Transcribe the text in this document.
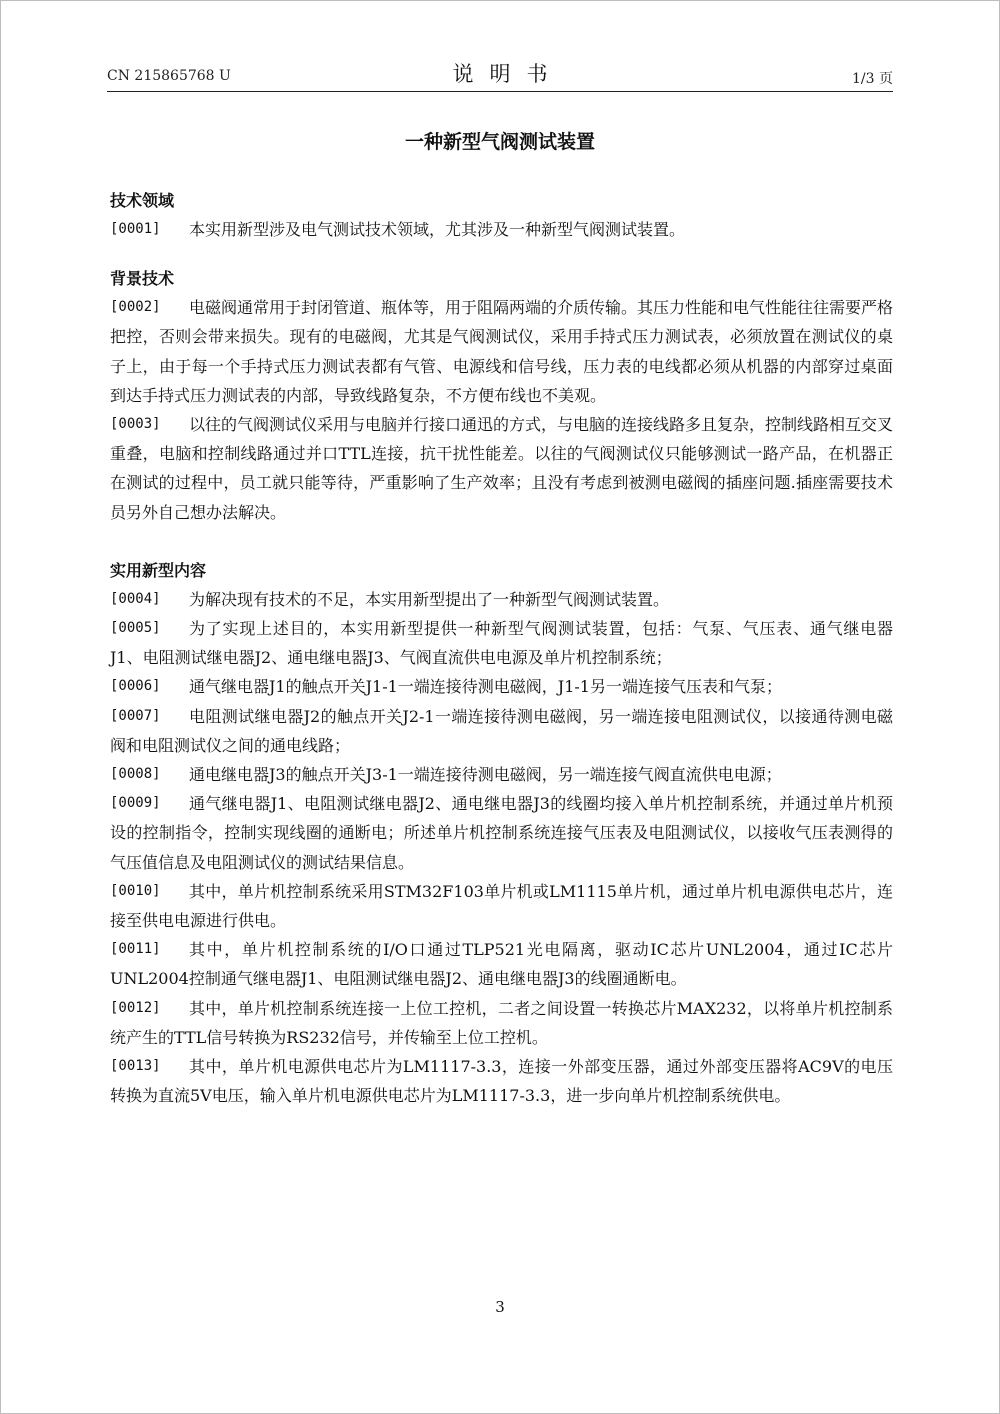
CN 215865768 U	说明书	1/3 页
一种新型气阀测试装置
技术领域

[0001]	本实用新型涉及电气测试技术领域，尤其涉及一种新型气阀测试装置。

背景技术

[0002]	电磁阀通常用于封闭管道、瓶体等，用于阻隔两端的介质传输。其压力性能和电气性能往往需要严格把控，否则会带来损失。现有的电磁阀，尤其是气阀测试仪，采用手持式压力测试表，必须放置在测试仪的桌子上，由于每一个手持式压力测试表都有气管、电源线和信号线，压力表的电线都必须从机器的内部穿过桌面到达手持式压力测试表的内部，导致线路复杂，不方便布线也不美观。

[0003]	以往的气阀测试仪采用与电脑并行接口通迅的方式，与电脑的连接线路多且复杂，控制线路相互交叉重叠，电脑和控制线路通过并口TTL连接，抗干扰性能差。以往的气阀测试仪只能够测试一路产品，在机器正在测试的过程中，员工就只能等待，严重影响了生产效率；且没有考虑到被测电磁阀的插座问题.插座需要技术员另外自己想办法解决。

实用新型内容

[0004]	为解决现有技术的不足，本实用新型提出了一种新型气阀测试装置。

[0005]	为了实现上述目的，本实用新型提供一种新型气阀测试装置，包括：气泵、气压表、通气继电器J1、电阻测试继电器J2、通电继电器J3、气阀直流供电电源及单片机控制系统；

[0006]	通气继电器J1的触点开关J1-1一端连接待测电磁阀，J1-1另一端连接气压表和气泵；

[0007]	电阻测试继电器J2的触点开关J2-1一端连接待测电磁阀，另一端连接电阻测试仪，以接通待测电磁阀和电阻测试仪之间的通电线路；

[0008]	通电继电器J3的触点开关J3-1一端连接待测电磁阀，另一端连接气阀直流供电电源；

[0009]	通气继电器J1、电阻测试继电器J2、通电继电器J3的线圈均接入单片机控制系统，并通过单片机预设的控制指令，控制实现线圈的通断电；所述单片机控制系统连接气压表及电阻测试仪，以接收气压表测得的气压值信息及电阻测试仪的测试结果信息。

[0010]	其中，单片机控制系统采用STM32F103单片机或LM1115单片机，通过单片机电源供电芯片，连接至供电电源进行供电。

[0011]	其中，单片机控制系统的I/O口通过TLP521光电隔离，驱动IC芯片UNL2004，通过IC芯片UNL2004控制通气继电器J1、电阻测试继电器J2、通电继电器J3的线圈通断电。

[0012]	其中，单片机控制系统连接一上位工控机，二者之间设置一转换芯片MAX232，以将单片机控制系统产生的TTL信号转换为RS232信号，并传输至上位工控机。

[0013]	其中，单片机电源供电芯片为LM1117-3.3，连接一外部变压器，通过外部变压器将AC9V的电压转换为直流5V电压，输入单片机电源供电芯片为LM1117-3.3，进一步向单片机控制系统供电。

3
